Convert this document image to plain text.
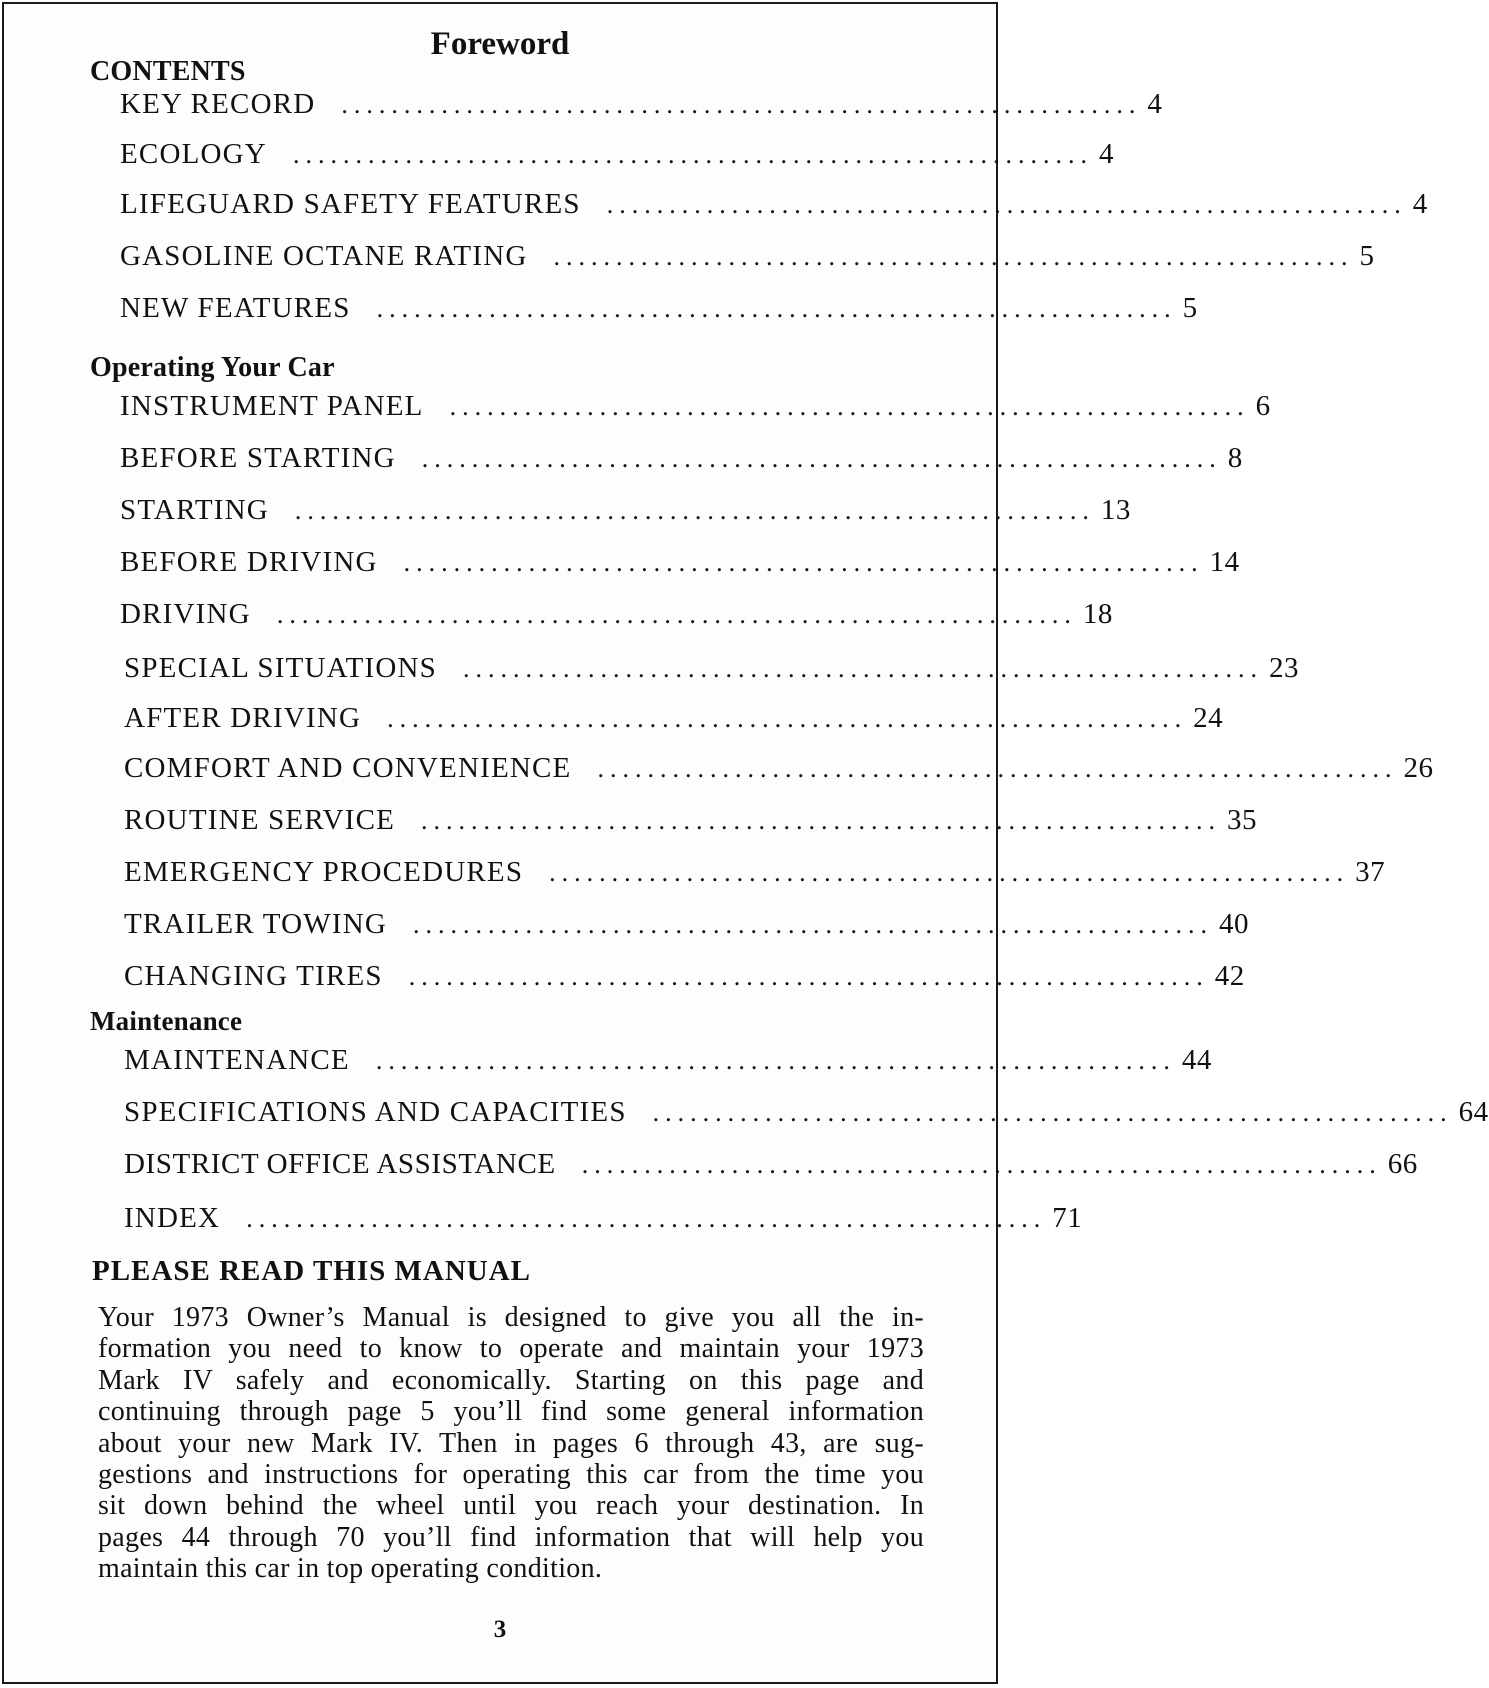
Foreword
CONTENTS
KEY RECORD ................................................................ 4
ECOLOGY ................................................................ 4
LIFEGUARD SAFETY FEATURES ................................................................ 4
GASOLINE OCTANE RATING ................................................................ 5
NEW FEATURES ................................................................ 5
Operating Your Car
INSTRUMENT PANEL ................................................................ 6
BEFORE STARTING ................................................................ 8
STARTING ................................................................ 13
BEFORE DRIVING ................................................................ 14
DRIVING ................................................................ 18
SPECIAL SITUATIONS ................................................................ 23
AFTER DRIVING ................................................................ 24
COMFORT AND CONVENIENCE ................................................................ 26
ROUTINE SERVICE ................................................................ 35
EMERGENCY PROCEDURES ................................................................ 37
TRAILER TOWING ................................................................ 40
CHANGING TIRES ................................................................ 42
Maintenance
MAINTENANCE ................................................................ 44
SPECIFICATIONS AND CAPACITIES ................................................................ 64
DISTRICT OFFICE ASSISTANCE ................................................................ 66
INDEX ................................................................ 71
PLEASE READ THIS MANUAL
Your 1973 Owner’s Manual is designed to give you all the in-
formation you need to know to operate and maintain your 1973
Mark IV safely and economically. Starting on this page and
continuing through page 5 you’ll find some general information
about your new Mark IV. Then in pages 6 through 43, are sug-
gestions and instructions for operating this car from the time you
sit down behind the wheel until you reach your destination. In
pages 44 through 70 you’ll find information that will help you
maintain this car in top operating condition.
3
